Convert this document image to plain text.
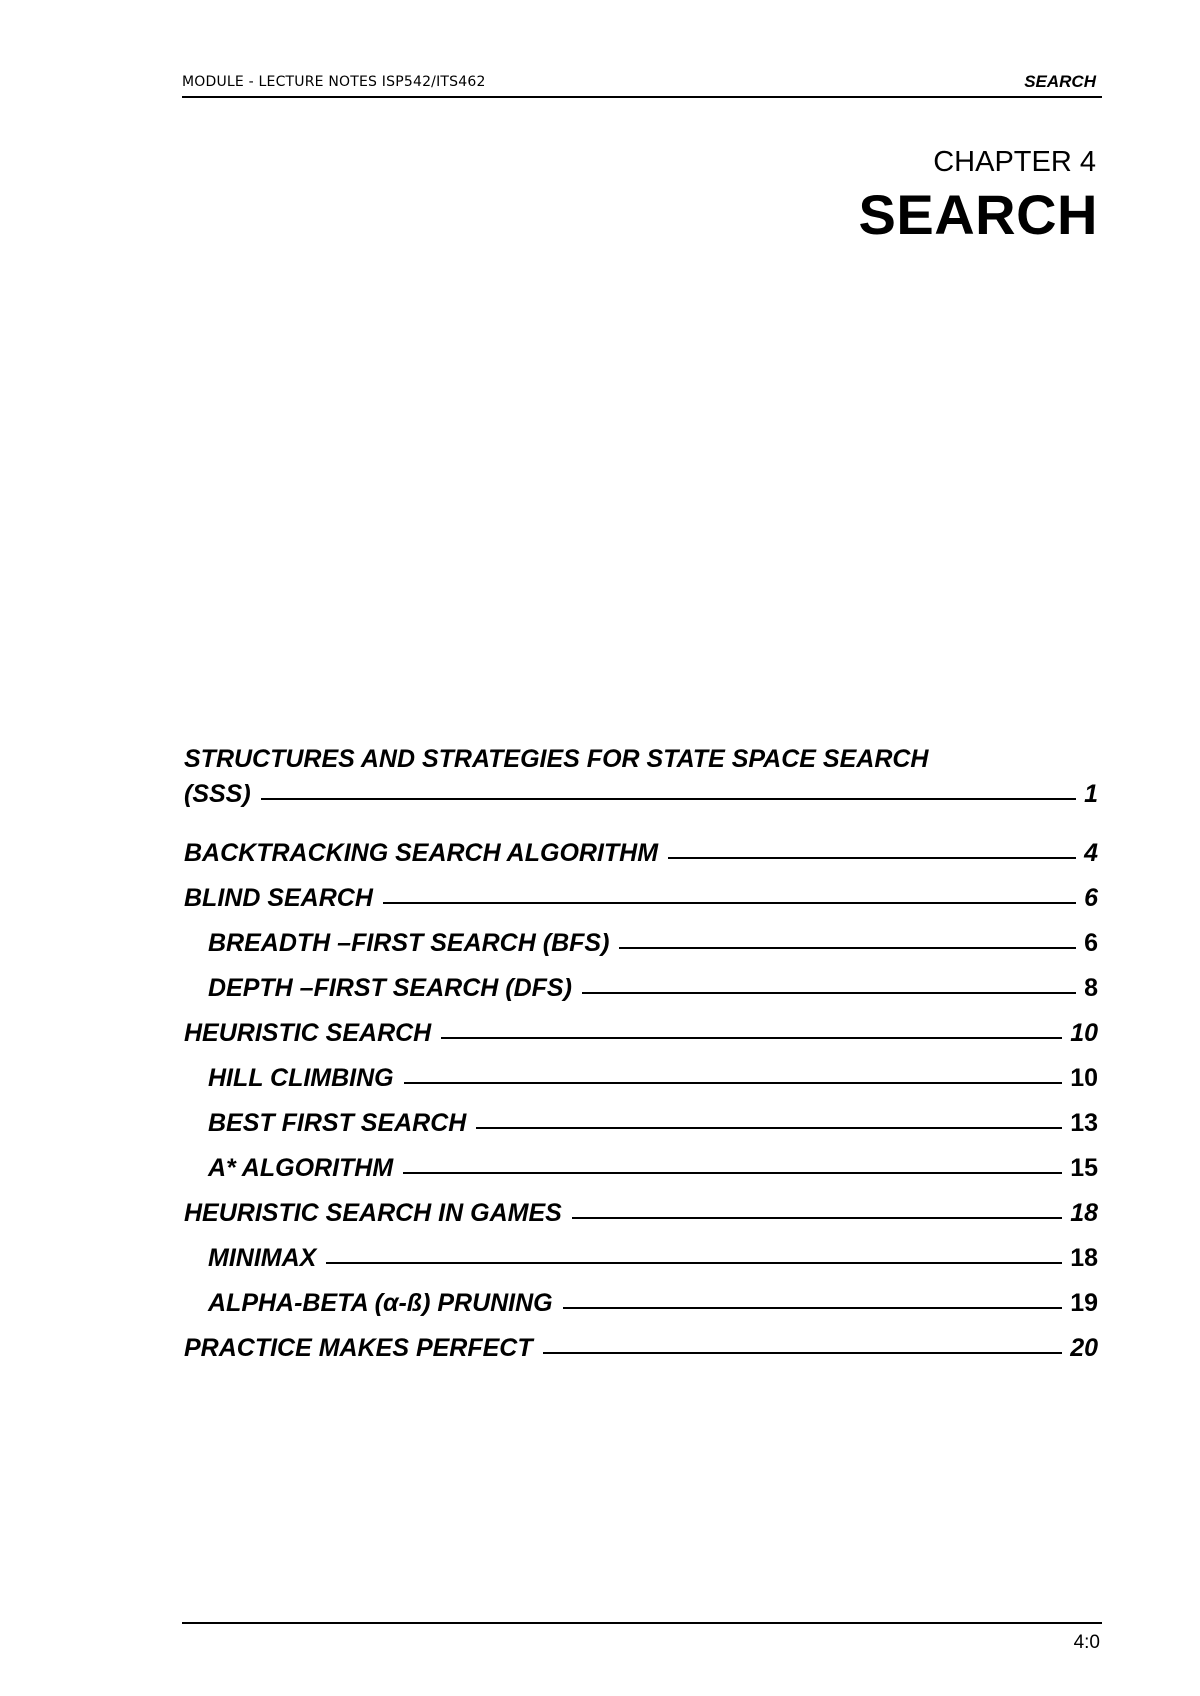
MODULE - LECTURE NOTES ISP542/ITS462	SEARCH
CHAPTER 4
SEARCH
STRUCTURES AND STRATEGIES FOR STATE SPACE SEARCH
(SSS)	1
BACKTRACKING SEARCH ALGORITHM	4
BLIND SEARCH	6
BREADTH –FIRST SEARCH (BFS)	6
DEPTH –FIRST SEARCH (DFS)	8
HEURISTIC SEARCH	10
HILL CLIMBING	10
BEST FIRST SEARCH	13
A* ALGORITHM	15
HEURISTIC SEARCH IN GAMES	18
MINIMAX	18
ALPHA-BETA (α-ß) PRUNING	19
PRACTICE MAKES PERFECT	20
4:0
